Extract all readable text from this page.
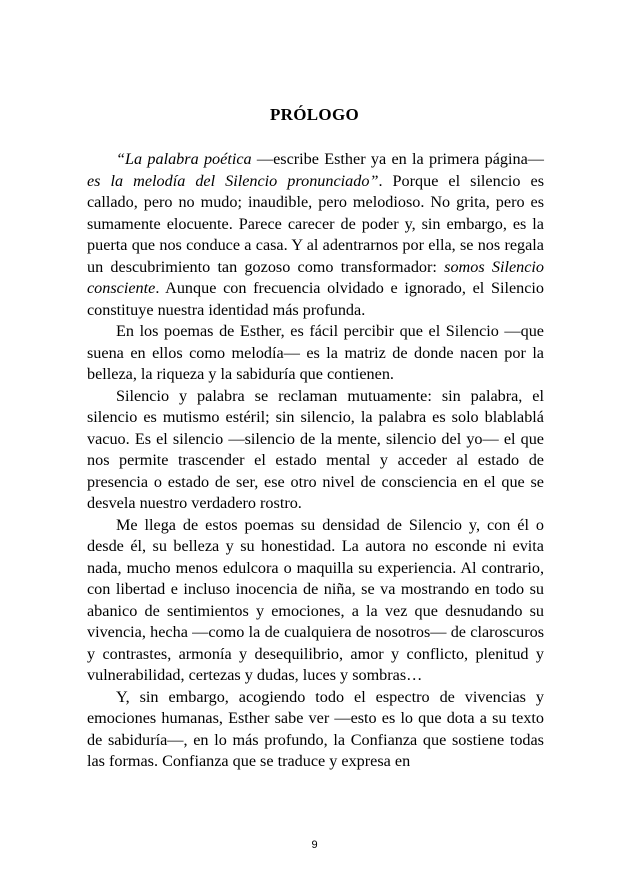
PRÓLOGO

“La palabra poética —escribe Esther ya en la primera página— es la melodía del Silencio pronunciado”. Porque el silencio es callado, pero no mudo; inaudible, pero melodioso. No grita, pero es sumamente elocuente. Parece carecer de poder y, sin embargo, es la puerta que nos conduce a casa. Y al adentrarnos por ella, se nos regala un descubrimiento tan gozoso como transformador: somos Silencio consciente. Aunque con frecuencia olvidado e ignorado, el Silencio constituye nuestra identidad más profunda.

En los poemas de Esther, es fácil percibir que el Silencio —que suena en ellos como melodía— es la matriz de donde nacen por la belleza, la riqueza y la sabiduría que contienen.

Silencio y palabra se reclaman mutuamente: sin palabra, el silencio es mutismo estéril; sin silencio, la palabra es solo blablablá vacuo. Es el silencio —silencio de la mente, silencio del yo— el que nos permite trascender el estado mental y acceder al estado de presencia o estado de ser, ese otro nivel de consciencia en el que se desvela nuestro verdadero rostro.

Me llega de estos poemas su densidad de Silencio y, con él o desde él, su belleza y su honestidad. La autora no esconde ni evita nada, mucho menos edulcora o maquilla su experiencia. Al contrario, con libertad e incluso inocencia de niña, se va mostrando en todo su abanico de sentimientos y emociones, a la vez que desnudando su vivencia, hecha —como la de cualquiera de nosotros— de claroscuros y contrastes, armonía y desequilibrio, amor y conflicto, plenitud y vulnerabilidad, certezas y dudas, luces y sombras…

Y, sin embargo, acogiendo todo el espectro de vivencias y emociones humanas, Esther sabe ver —esto es lo que dota a su texto de sabiduría—, en lo más profundo, la Confianza que sostiene todas las formas. Confianza que se traduce y expresa en

9
